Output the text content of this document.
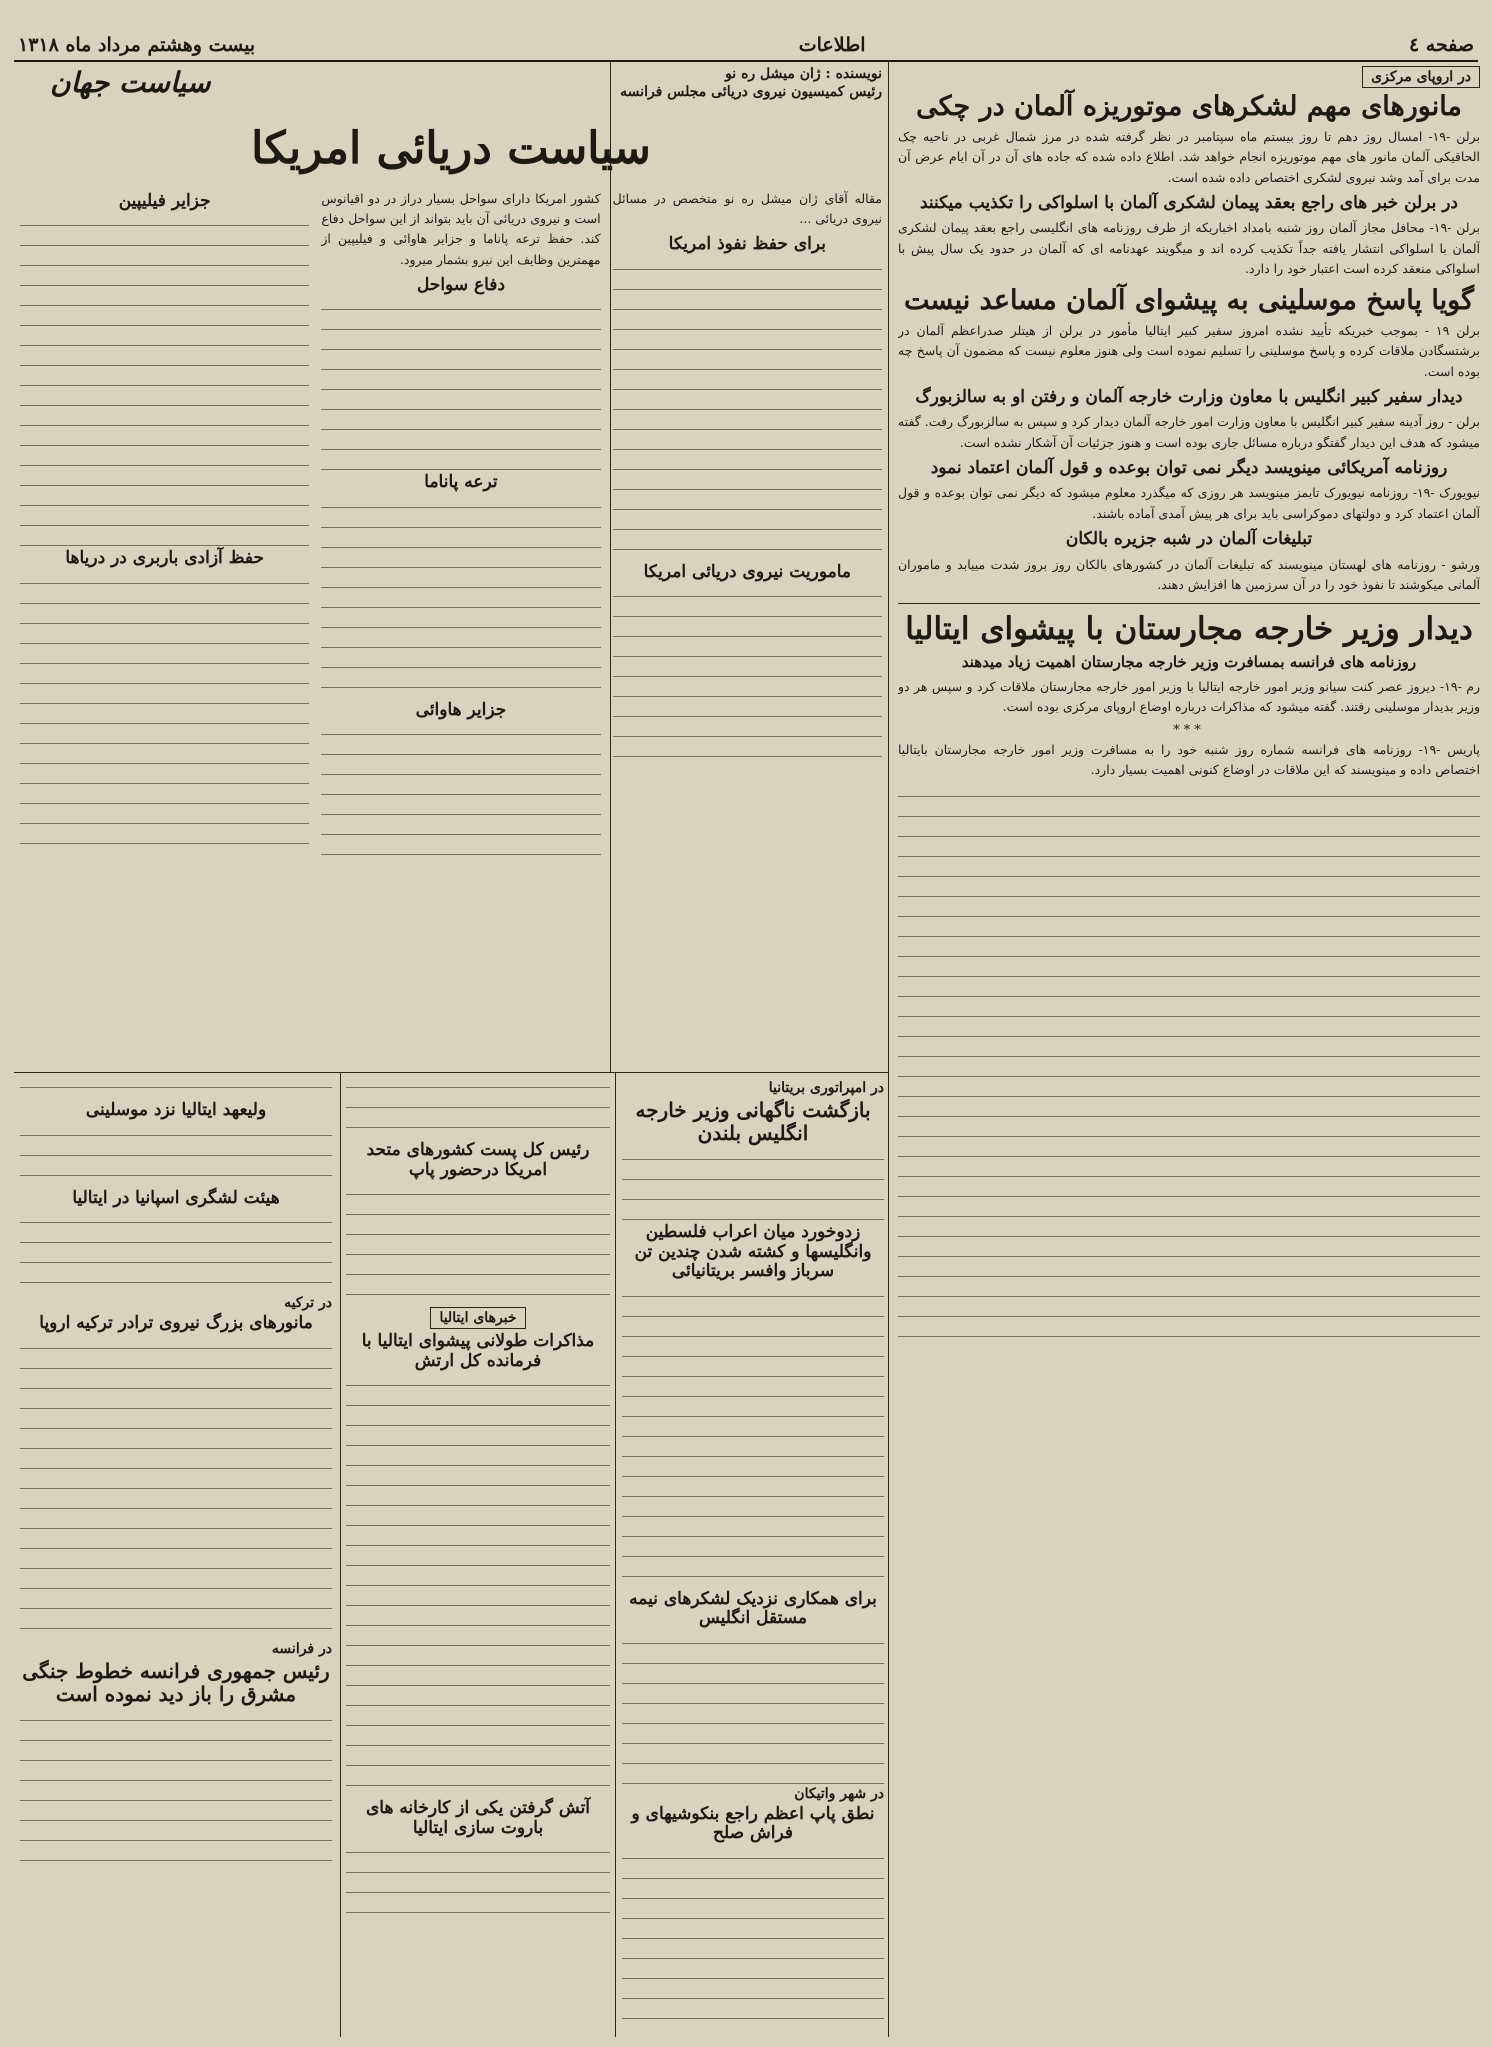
صفحه ٤
اطلاعات
بیست وهشتم مرداد ماه ۱۳۱۸
در اروپای مرکزی
مانورهای مهم لشکرهای موتوریزه آلمان در چکی

برلن -۱۹- امسال روز دهم تا روز بیستم ماه سپتامبر در نظر گرفته شده در مرز شمال غربی در ناحیه چک الحاقیکی آلمان مانور های مهم موتوریزه انجام خواهد شد. اطلاع داده شده که جاده های آن در آن ایام عرض آن مدت برای آمد وشد نیروی لشکری اختصاص داده شده است.

در برلن خبر های راجع بعقد پیمان لشکری آلمان با اسلواکی را تکذیب میکنند

برلن -۱۹- محافل مجاز آلمان روز شنبه بامداد اخباریکه از طرف روزنامه های انگلیسی راجع بعقد پیمان لشکری آلمان با اسلواکی انتشار یافته جداً تکذیب کرده اند و میگویند عهدنامه ای که آلمان در حدود یک سال پیش با اسلواکی منعقد کرده است اعتبار خود را دارد.

گویا پاسخ موسلینی به پیشوای آلمان مساعد نیست

برلن ۱۹ - بموجب خبریکه تأیید نشده امروز سفیر کبیر ایتالیا مأمور در برلن از هیتلر صدراعظم آلمان در برشتسگادن ملاقات کرده و پاسخ موسلینی را تسلیم نموده است ولی هنوز معلوم نیست که مضمون آن پاسخ چه بوده است.

دیدار سفیر کبیر انگلیس با معاون وزارت خارجه آلمان و رفتن او به سالزبورگ

برلن - روز آدینه سفیر کبیر انگلیس با معاون وزارت امور خارجه آلمان دیدار کرد و سپس به سالزبورگ رفت. گفته میشود که هدف این دیدار گفتگو درباره مسائل جاری بوده است و هنوز جزئیات آن آشکار نشده است.

روزنامه آمریکائی مینویسد دیگر نمی توان بوعده و قول آلمان اعتماد نمود

نیویورک -۱۹- روزنامه نیویورک تایمز مینویسد هر روزی که میگذرد معلوم میشود که دیگر نمی توان بوعده و قول آلمان اعتماد کرد و دولتهای دموکراسی باید برای هر پیش آمدی آماده باشند.

تبلیغات آلمان در شبه جزیره بالکان

ورشو - روزنامه های لهستان مینویسند که تبلیغات آلمان در کشورهای بالکان روز بروز شدت مییابد و ماموران آلمانی میکوشند تا نفوذ خود را در آن سرزمین ها افزایش دهند.

دیدار وزیر خارجه مجارستان با پیشوای ایتالیا
روزنامه های فرانسه بمسافرت وزیر خارجه مجارستان اهمیت زیاد میدهند

رم -۱۹- دیروز عصر کنت سیانو وزیر امور خارجه ایتالیا با وزیر امور خارجه مجارستان ملاقات کرد و سپس هر دو وزیر بدیدار موسلینی رفتند. گفته میشود که مذاکرات درباره اوضاع اروپای مرکزی بوده است.

***

پاریس -۱۹- روزنامه های فرانسه شماره روز شنبه خود را به مسافرت وزیر امور خارجه مجارستان بایتالیا اختصاص داده و مینویسند که این ملاقات در اوضاع کنونی اهمیت بسیار دارد.

نویسنده : ژان میشل ره نو
رئیس کمیسیون نیروی دریائی مجلس فرانسه
سیاست جهان
سیاست دریائی امریکا

مقاله آقای ژان میشل ره نو متخصص در مسائل نیروی دریائی ...

برای حفظ نفوذ امریکا
ماموریت نیروی دریائی امریکا

کشور امریکا دارای سواحل بسیار دراز در دو اقیانوس است و نیروی دریائی آن باید بتواند از این سواحل دفاع کند. حفظ ترعه پاناما و جزایر هاوائی و فیلیپین از مهمترین وظایف این نیرو بشمار میرود.

دفاع سواحل
ترعه پاناما
جزایر هاوائی
جزایر فیلیپین
حفظ آزادی باربری در دریاها
در امپراتوری بریتانیا
بازگشت ناگهانی وزیر خارجه انگلیس بلندن
زدوخورد میان اعراب فلسطین وانگلیسها و کشته شدن چندین تن سرباز وافسر بریتانیائی
برای همکاری نزدیک لشکرهای نیمه مستقل انگلیس
در شهر واتیکان
نطق پاپ اعظم راجع بنکوشیهای و فراش صلح
رئیس کل پست کشورهای متحد امریکا درحضور پاپ
خبرهای ایتالیا
مذاکرات طولانی پیشوای ایتالیا با فرمانده کل ارتش
آتش گرفتن یکی از کارخانه های باروت سازی ایتالیا
ولیعهد ایتالیا نزد موسلینی
هیئت لشگری اسپانیا در ایتالیا
در ترکیه
مانورهای بزرگ نیروی ترادر ترکیه اروپا
در فرانسه
رئیس جمهوری فرانسه خطوط جنگی مشرق را باز دید نموده است
